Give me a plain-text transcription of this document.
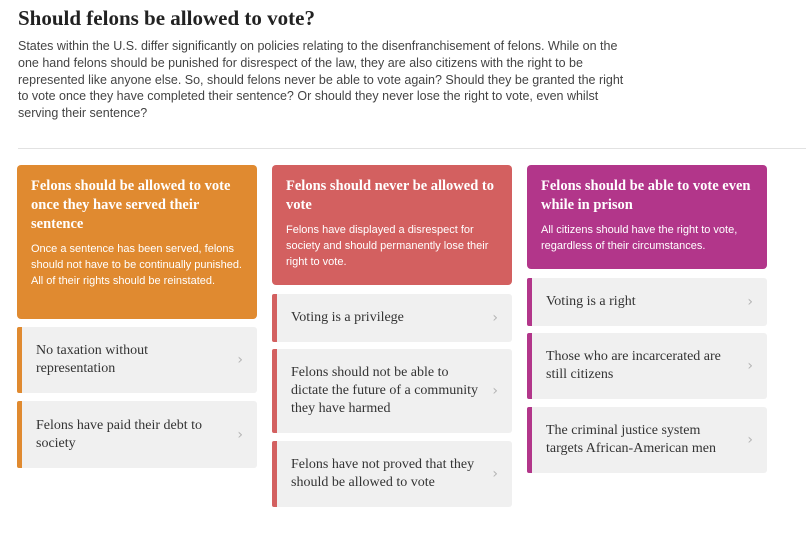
Should felons be allowed to vote?

States within the U.S. differ significantly on policies relating to the disenfranchisement of felons. While on the one hand felons should be punished for disrespect of the law, they are also citizens with the right to be represented like anyone else. So, should felons never be able to vote again? Should they be granted the right to vote once they have completed their sentence? Or should they never lose the right to vote, even whilst serving their sentence?

Felons should be allowed to vote once they have served their sentence
Once a sentence has been served, felons should not have to be continually punished. All of their rights should be reinstated.
No taxation without representation
›
Felons have paid their debt to society
›
Felons should never be allowed to vote
Felons have displayed a disrespect for society and should permanently lose their right to vote.
Voting is a privilege	›
Felons should not be able to dictate the future of a community they have harmed
›
Felons have not proved that they should be allowed to vote
›
Felons should be able to vote even while in prison
All citizens should have the right to vote, regardless of their circumstances.
Voting is a right	›
Those who are incarcerated are still citizens
›
The criminal justice system targets African-American men
›
